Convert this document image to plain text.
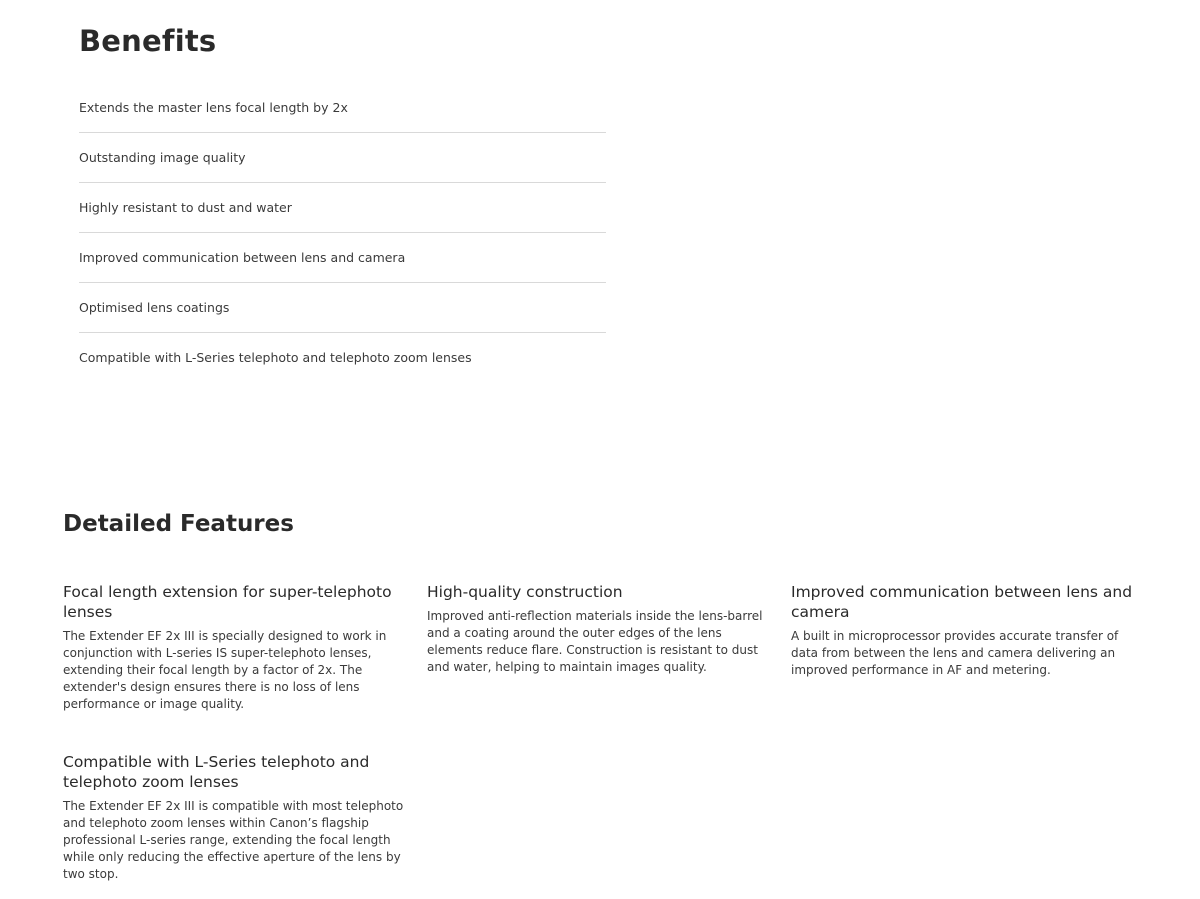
Benefits
Extends the master lens focal length by 2x
Outstanding image quality
Highly resistant to dust and water
Improved communication between lens and camera
Optimised lens coatings
Compatible with L-Series telephoto and telephoto zoom lenses
Detailed Features
Focal length extension for super-telephoto lenses

The Extender EF 2x III is specially designed to work in conjunction with L-series IS super-telephoto lenses, extending their focal length by a factor of 2x. The extender's design ensures there is no loss of lens performance or image quality.

High-quality construction

Improved anti-reflection materials inside the lens-barrel and a coating around the outer edges of the lens elements reduce flare. Construction is resistant to dust and water, helping to maintain images quality.

Improved communication between lens and camera

A built in microprocessor provides accurate transfer of data from between the lens and camera delivering an improved performance in AF and metering.

Compatible with L-Series telephoto and telephoto zoom lenses

The Extender EF 2x III is compatible with most telephoto and telephoto zoom lenses within Canon’s flagship professional L-series range, extending the focal length while only reducing the effective aperture of the lens by two stop.
